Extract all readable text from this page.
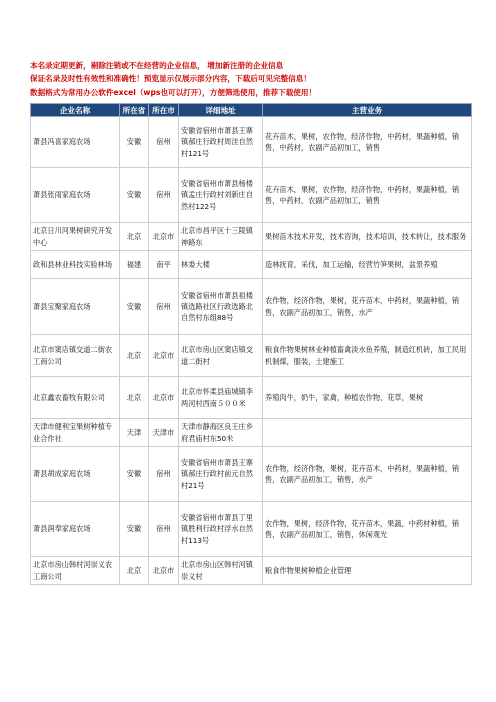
本名录定期更新，剔除注销或不在经营的企业信息， 增加新注册的企业信息
保证名录及时性有效性和准确性！预览显示仅展示部分内容，下载后可见完整信息！
数据格式为常用办公软件excel（wps也可以打开），方便筛选使用，推荐下载使用！
企业名称	所在省	所在市	详细地址	主营业务
萧县冯喜家庭农场	安徽	宿州	安徽省宿州市萧县王寨镇郝庄行政村周洼自然村121号	花卉苗木，果树，农作物，经济作物，中药材，果蔬种植，销售，中药材，农副产品初加工，销售
萧县张雨家庭农场	安徽	宿州	安徽省宿州市萧县杨楼镇孟庄行政村刘新庄自然村122号	花卉苗木，果树，农作物，经济作物，中药材，果蔬种植，销售，中药材，农副产品初加工，销售
北京日川河果树研究开发中心	北京	北京市	北京市昌平区十三陵镇神路东	果树苗木技术开发，技术咨询，技术培训，技术转让，技术服务
政和县林业科技实验林场	福建	南平	林委大楼	造林抚育，采伐，加工运输，经营竹笋果树，盆景养殖
萧县宝聚家庭农场	安徽	宿州	安徽省宿州市萧县祖楼镇选路社区行政选路北自然村东组88号	农作物，经济作物，果树，花卉苗木，中药材，果蔬种植，销售，农副产品初加工，销售，水产
北京市窦店镇交道二街农工商公司	北京	北京市	北京市房山区窦店镇交道二街村	粮食作物果树林业种植畜禽淡水鱼养殖，制造红机砖，加工民用机制煤，服装，土建施工
北京鑫农畜牧有限公司	北京	北京市	北京市怀柔县庙城镇李两河村西南５００米	养殖肉牛，奶牛，家禽，种植农作物，花草，果树
天津市健利宝果树种植专业合作社	天津	天津市	天津市静海区良王庄乡府君庙村东50米	
萧县胡成家庭农场	安徽	宿州	安徽省宿州市萧县王寨镇郝庄行政村前元自然村21号	农作物，经济作物，果树，花卉苗木，中药材，果蔬种植，销售，农副产品初加工，销售，水产
萧县润奉家庭农场	安徽	宿州	安徽省宿州市萧县丁里镇胜利行政村浮水自然村113号	农作物，果树，经济作物，花卉苗木，果蔬，中药材种植，销售，农副产品初加工，销售，休闲观光
北京市房山韩村河崇义农工商公司	北京	北京市	北京市房山区韩村河镇崇义村	粮食作物果树种植企业管理
